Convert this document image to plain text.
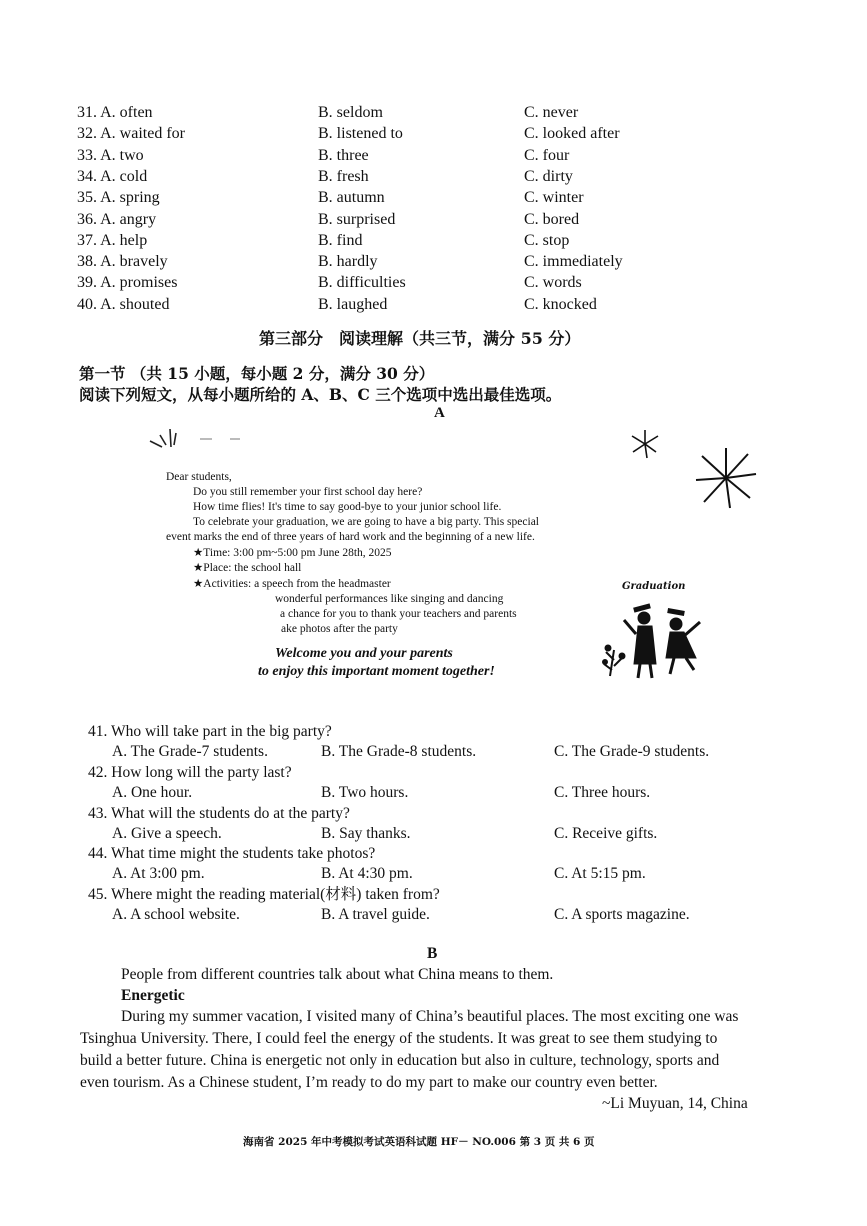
31. A. often	B. seldom	C. never
32. A. waited for	B. listened to	C. looked after
33. A. two	B. three	C. four
34. A. cold	B. fresh	C. dirty
35. A. spring	B. autumn	C. winter
36. A. angry	B. surprised	C. bored
37. A. help	B. find	C. stop
38. A. bravely	B. hardly	C. immediately
39. A. promises	B. difficulties	C. words
40. A. shouted	B. laughed	C. knocked
第三部分　阅读理解（共三节，满分 55 分）
第一节 （共 15 小题，每小题 2 分，满分 30 分）
阅读下列短文，从每小题所给的 A、B、C 三个选项中选出最佳选项。
A
Dear students,
Do you still remember your first school day here?
How time flies! It's time to say good-bye to your junior school life.
To celebrate your graduation, we are going to have a big party. This special
event marks the end of three years of hard work and the beginning of a new life.
★Time: 3:00 pm~5:00 pm June 28th, 2025
★Place: the school hall
★Activities: a speech from the headmaster
wonderful performances like singing and dancing
a chance for you to thank your teachers and parents
ake photos after the party
Welcome you and your parents
to enjoy this important moment together!
Graduation
41. Who will take part in the big party?
A. The Grade-7 students.	B. The Grade-8 students.	C. The Grade-9 students.
42. How long will the party last?
A. One hour.	B. Two hours.	C. Three hours.
43. What will the students do at the party?
A. Give a speech.	B. Say thanks.	C. Receive gifts.
44. What time might the students take photos?
A. At 3:00 pm.	B. At 4:30 pm.	C. At 5:15 pm.
45. Where might the reading material(材料) taken from?
A. A school website.	B. A travel guide.	C. A sports magazine.
B
People from different countries talk about what China means to them.
Energetic
During my summer vacation, I visited many of China’s beautiful places. The most exciting one was
Tsinghua University. There, I could feel the energy of the students. It was great to see them studying to
build a better future. China is energetic not only in education but also in culture, technology, sports and
even tourism. As a Chinese student, I’m ready to do my part to make our country even better.
~Li Muyuan, 14, China
海南省 2025 年中考模拟考试英语科试题 HF－ NO.006 第 3 页 共 6 页
